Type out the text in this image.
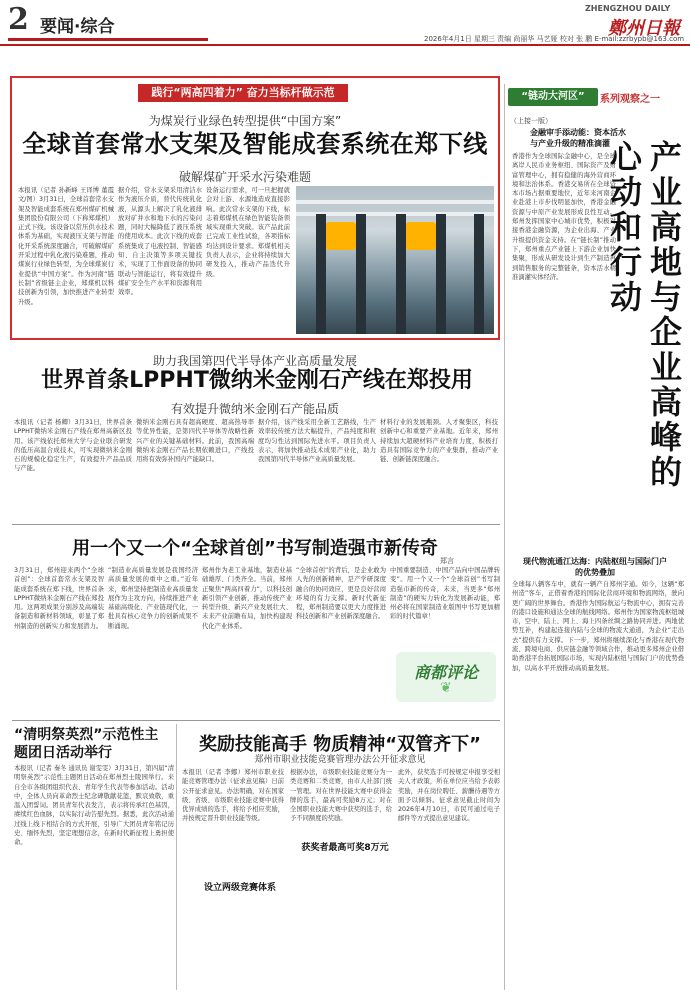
2 要闻·综合
ZHENGZHOU DAILY
鄭州日報
2026年4月1日 星期三 责编 尚丽华 马艺娅 校对 张 鹏 E-mail:zzrbypb@163.com
践行“两高四着力” 奋力当标杆做示范
为煤炭行业绿色转型提供“中国方案”
全球首套常水支架及智能成套系统在郑下线
破解煤矿开采水污染难题
本报讯（记者 孙新峰 王译博 董霞 文/图）3月31日，全球首套常水支架及智能成套系统在郑州煤矿机械集团股份有限公司（下称郑煤机）正式下线。该设备以常压供水技术体系为基础，实现液压支架与智能化开采系统深度融合，可破解煤矿开采过程中乳化液污染难题，推动煤炭行业绿色转型，为全球煤炭行业提供“中国方案”。作为河南“链长制”省级链主企业，郑煤机以科技创新为引领，加快推进产业转型升级。
据介绍，常水支架采用清洁水作为液压介质，替代传统乳化液，从源头上解决了乳化液排放对矿井水和地下水的污染问题，同时大幅降低了液压系统的使用成本。此次下线的成套系统集成了电液控制、智能感知、自主决策等多项关键技术，实现了工作面设备的协同联动与智能运行，将有效提升煤矿安全生产水平和资源利用效率。
设备运行需求，可一旦把握就会对上游、水源地造成直接影响。此次常水支架的下线，标志着郑煤机在绿色智能装备领域实现重大突破。该产品此前已完成工业性试验，各项指标均达到设计要求。郑煤机相关负责人表示，企业将持续加大研发投入，推动产品迭代升级。
“链动大河区”	系列观察之一
（上接一版）
金融审手添动能：资本活水与产业升级的精准滴灌
香港作为全球国际金融中心，是全球离岸人民币业务枢纽、国际资产及财富管理中心，拥有稳健的海外营商环境和法治体系。香港交易所在全球资本市场占据重要地位，近年来河南企业赴港上市步伐明显加快，香港金融资源与中原产业发展形成良性互动。郑州发挥国家中心城市优势，积极对接香港金融资源，为企业出海、产业升级提供资金支持。在“链长制”推动下，郑州重点产业链上下游企业加快集聚，形成从研发设计到生产制造再到销售服务的完整链条，资本活水精准滴灌实体经济。	产业高地与企业高峰的心动和行动
现代物流通江达海：内陆枢纽与国际门户的优势叠加
全球每八辆客车中，就有一辆产自郑州字通。如今，这辆“郑州造”客车，正借着香港的国际化营商环境和物流网络，驶向更广阔的世界舞台。香港作为国际航运与物流中心，拥有完善的港口设施和通达全球的航线网络。郑州作为国家物流枢纽城市，空中、陆上、网上、海上四条丝绸之路协同并进。两地优势互补，构建起连接内陆与全球的物流大通道，为企业“走出去”提供有力支撑。下一步，郑州将继续深化与香港在现代物流、跨境电商、供应链金融等领域合作，推动更多郑州企业借助香港平台拓展国际市场，实现内陆枢纽与国际门户的优势叠加，以高水平开放推动高质量发展。
助力我国第四代半导体产业高质量发展
世界首条LPPHT微纳米金刚石产线在郑投用
有效提升微纳米金刚石产能品质
本报讯（记者 杨卿）3月31日，世界首条LPPHT微纳米金刚石产线在郑州高新区投用。该产线依托郑州大学与企业联合研发的低压高温合成技术，可实现微纳米金刚石的规模化稳定生产，有效提升产品品质与产能。
微纳米金刚石具有超高硬度、超高热导率等优异性能，是第四代半导体等战略性新兴产业的关键基础材料。此前，我国高端微纳米金刚石产品长期依赖进口，产线投用将有效弥补国内产能缺口。
据介绍，该产线采用全新工艺路线，生产效率较传统方法大幅提升，产品纯度和粒度均匀性达到国际先进水平。项目负责人表示，将加快推动技术成果产业化，助力我国第四代半导体产业高质量发展。
材料行业的发展瓶颈。人才聚集区，科技创新中心和重要产业基地。近年来，郑州持续加大超硬材料产业培育力度，积极打造具有国际竞争力的产业集群，推动产业链、创新链深度融合。
用一个又一个“全球首创”书写制造强市新传奇
郑言
3月31日，郑州迎来两个“全球首创”：全球首套常水支架及智能成套系统在郑下线，世界首条LPPHT微纳米金刚石产线在郑投用。这两项成果分别涉及高端装备制造和新材料领域，彰显了郑州制造的创新实力和发展潜力。
“制造业高质量发展是我国经济高质量发展的重中之重。”近年来，郑州坚持把制造业高质量发展作为主攻方向，持续推进产业基础高级化、产业链现代化，一批具有核心竞争力的创新成果不断涌现。
郑州作为老工业基地，制造业基础雄厚、门类齐全。当前，郑州正聚焦“两高四着力”，以科技创新引领产业创新，推动传统产业转型升级、新兴产业发展壮大、未来产业前瞻布局，加快构建现代化产业体系。
“全球首创”的背后，是企业敢为人先的创新精神，是产学研深度融合的协同效应，更是良好营商环境的有力支撑。新时代新征程，郑州制造要以更大力度推进科技创新和产业创新深度融合。
中国重要制造、中国产品向中国品牌转变”。用一个又一个“全球首创”书写制造强市新的传奇，未来，当更多“郑州制造”的硬实力转化为发展新动能，郑州必将在国家制造业版图中书写更加精彩的时代篇章！
商都评论
❦
“清明祭英烈”示范性主题团日活动举行
本报讯（记者 秦冬 通讯员 谢雯雯）3月31日，第四届“清明祭英烈”示范性主题团日活动在郑州烈士陵园举行。来自全市各级团组织代表、青年学生代表等参加活动。活动中，全体人员向革命烈士纪念碑敬献花篮，默哀致敬，重温入团誓词。团员青年代表发言，表示将传承红色基因，赓续红色血脉，以实际行动告慰先烈。据悉，此次活动通过线上线下相结合的方式开展，引导广大团员青年铭记历史、缅怀先烈，坚定理想信念，在新时代新征程上勇担使命。
奖励技能高手 物质精神“双管齐下”
郑州市职业技能竞赛管理办法公开征求意见
本报讯（记者 李娜）郑州市职业技能竞赛管理办法（征求意见稿）日前公开征求意见。办法明确，对在国家级、省级、市级职业技能竞赛中获得优异成绩的选手，将给予相应奖励，并按规定晋升职业技能等级。
根据办法，市级职业技能竞赛分为一类竞赛和二类竞赛，由市人社部门统一管理。对在世界技能大赛中获得金牌的选手，最高可奖励8万元；对在全国职业技能大赛中获奖的选手，给予不同额度的奖励。
此外，获奖选手可按规定申报享受相关人才政策，所在单位应当给予表彰奖励，并在岗位聘任、薪酬待遇等方面予以倾斜。征求意见截止时间为2026年4月10日，市民可通过电子邮件等方式提出意见建议。
获奖者最高可奖8万元
设立两级竞赛体系
